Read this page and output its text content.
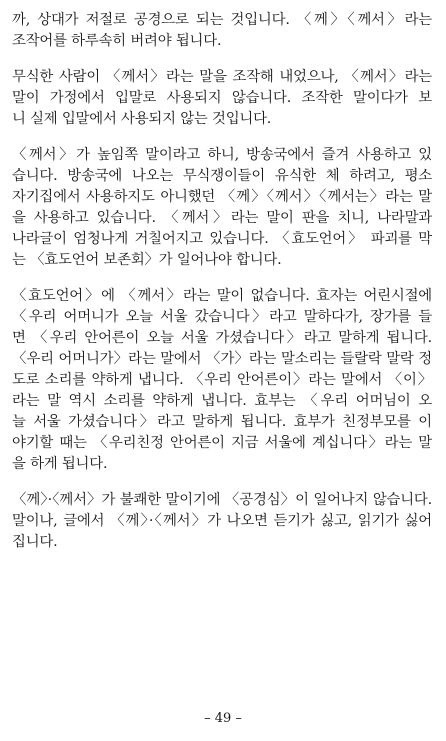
까, 상대가 저절로 공경으로 되는 것입니다. 〈께〉〈께서〉라는
조작어를 하루속히 버려야 됩니다.
무식한 사람이 〈께서〉라는 말을 조작해 내었으나, 〈께서〉라는
말이 가정에서 입말로 사용되지 않습니다. 조작한 말이다가 보
니 실제 입말에서 사용되지 않는 것입니다.
〈께서〉가 높임쪽 말이라고 하니, 방송국에서 즐겨 사용하고 있
습니다. 방송국에 나오는 무식쟁이들이 유식한 체 하려고, 평소
자기집에서 사용하지도 아니했던 〈께〉〈께서〉〈께서는〉라는 말
을 사용하고 있습니다. 〈께서〉라는 말이 판을 치니, 나라말과
나라글이 엄청나게 거칠어지고 있습니다. 〈효도언어〉 파괴를 막
는 〈효도언어 보존회〉가 일어나야 합니다.
〈효도언어〉에 〈께서〉라는 말이 없습니다. 효자는 어린시절에
〈우리 어머니가 오늘 서울 갔습니다〉라고 말하다가, 장가를 들
면 〈우리 안어른이 오늘 서울 가셨습니다〉라고 말하게 됩니다.
〈우리 어머니가〉라는 말에서 〈가〉라는 말소리는 들랄락 말락 정
도로 소리를 약하게 냅니다. 〈우리 안어른이〉라는 말에서 〈이〉
라는 말 역시 소리를 약하게 냅니다. 효부는 〈우리 어머님이 오
늘 서울 가셨습니다〉라고 말하게 됩니다. 효부가 친정부모를 이
야기할 때는 〈우리친정 안어른이 지금 서울에 계십니다〉라는 말
을 하게 됩니다.
〈께〉·〈께서〉가 불쾌한 말이기에 〈공경심〉이 일어나지 않습니다.
말이나, 글에서 〈께〉·〈께서〉가 나오면 듣기가 싫고, 읽기가 싫어
집니다.
– 49 –
